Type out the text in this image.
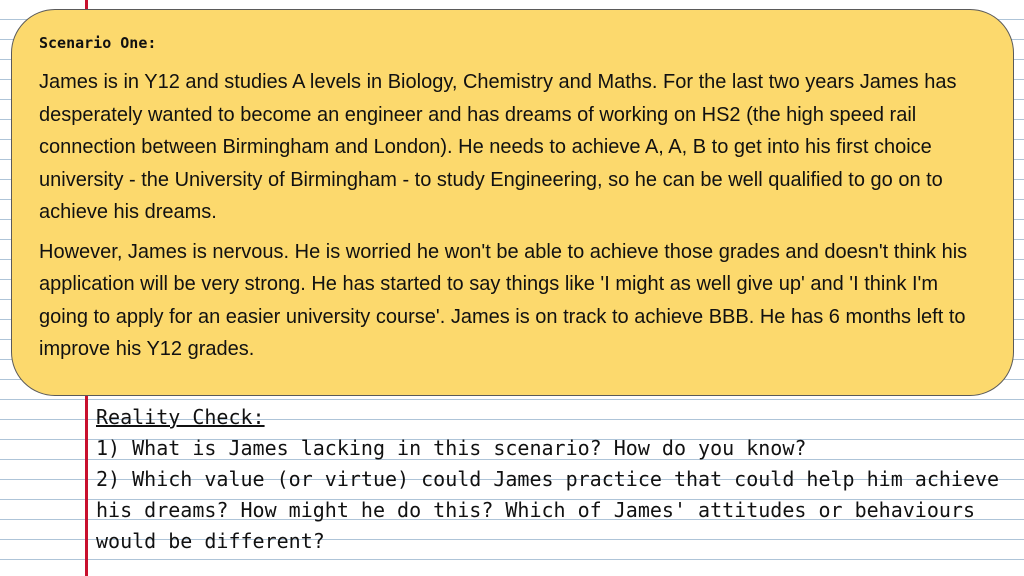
Scenario One:

James is in Y12 and studies A levels in Biology, Chemistry and Maths. For the last two years James has desperately wanted to become an engineer and has dreams of working on HS2 (the high speed rail connection between Birmingham and London). He needs to achieve A, A, B to get into his first choice university - the University of Birmingham - to study Engineering, so he can be well qualified to go on to achieve his dreams.

However, James is nervous. He is worried he won't be able to achieve those grades and doesn't think his application will be very strong. He has started to say things like 'I might as well give up' and 'I think I'm going to apply for an easier university course'. James is on track to achieve BBB. He has 6 months left to improve his Y12 grades.

Reality Check:

1) What is James lacking in this scenario? How do you know?

2) Which value (or virtue) could James practice that could help him achieve his dreams? How might he do this? Which of James' attitudes or behaviours would be different?
